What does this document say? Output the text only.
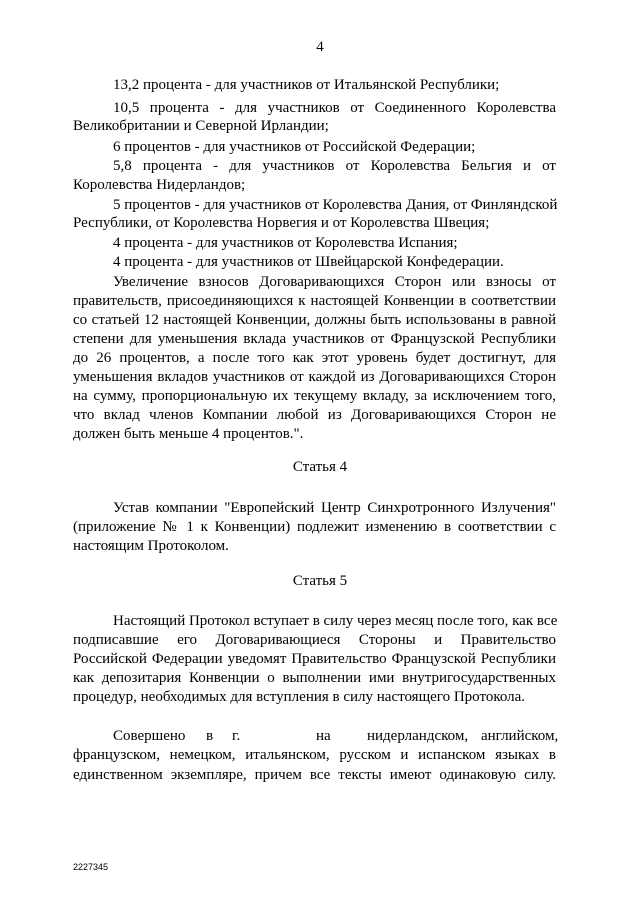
4
13,2 процента - для участников от Итальянской Республики;
10,5 процента - для участников от Соединенного Королевства
Великобритании и Северной Ирландии;
6 процентов - для участников от Российской Федерации;
5,8 процента - для участников от Королевства Бельгия и от
Королевства Нидерландов;
5 процентов - для участников от Королевства Дания, от Финляндской
Республики, от Королевства Норвегия и от Королевства Швеция;
4 процента - для участников от Королевства Испания;
4 процента - для участников от Швейцарской Конфедерации.
Увеличение взносов Договаривающихся Сторон или взносы от
правительств, присоединяющихся к настоящей Конвенции в соответствии
со статьей 12 настоящей Конвенции, должны быть использованы в равной
степени для уменьшения вклада участников от Французской Республики
до 26 процентов, а после того как этот уровень будет достигнут, для
уменьшения вкладов участников от каждой из Договаривающихся Сторон
на сумму, пропорциональную их текущему вкладу, за исключением того,
что вклад членов Компании любой из Договаривающихся Сторон не
должен быть меньше 4 процентов.".
Статья 4
Устав компании "Европейский Центр Синхротронного Излучения"
(приложение № 1 к Конвенции) подлежит изменению в соответствии с
настоящим Протоколом.
Статья 5
Настоящий Протокол вступает в силу через месяц после того, как все
подписавшие его Договаривающиеся Стороны и Правительство
Российской Федерации уведомят Правительство Французской Республики
как депозитария Конвенции о выполнении ими внутригосударственных
процедур, необходимых для вступления в силу настоящего Протокола.
Совершено в г.	на нидерландском, английском,
французском, немецком, итальянском, русском и испанском языках в
единственном экземпляре, причем все тексты имеют одинаковую силу.
2227345
